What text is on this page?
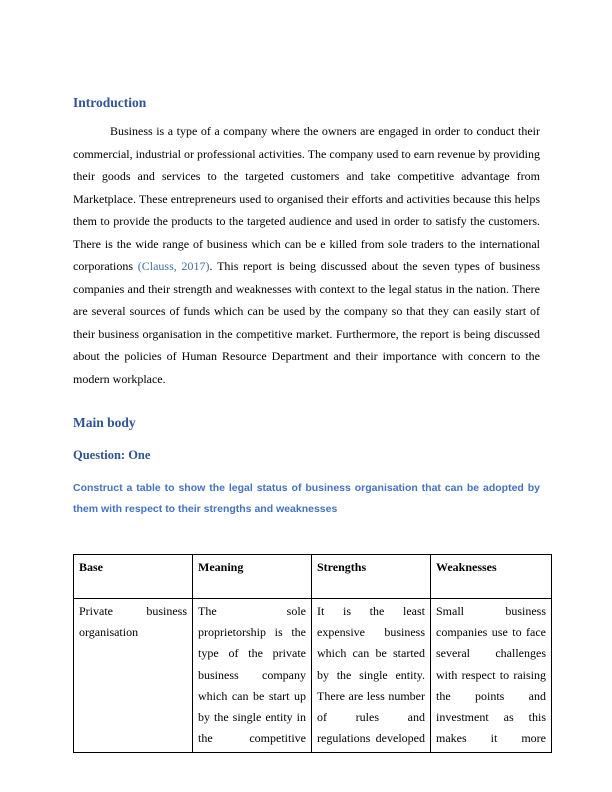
Introduction

Business is a type of a company where the owners are engaged in order to conduct their commercial, industrial or professional activities. The company used to earn revenue by providing their goods and services to the targeted customers and take competitive advantage from Marketplace. These entrepreneurs used to organised their efforts and activities because this helps them to provide the products to the targeted audience and used in order to satisfy the customers. There is the wide range of business which can be e killed from sole traders to the international corporations (Clauss, 2017). This report is being discussed about the seven types of business companies and their strength and weaknesses with context to the legal status in the nation. There are several sources of funds which can be used by the company so that they can easily start of their business organisation in the competitive market. Furthermore, the report is being discussed about the policies of Human Resource Department and their importance with concern to the modern workplace.

Main body
Question: One

Construct a table to show the legal status of business organisation that can be adopted by them with respect to their strengths and weaknesses

Base	Meaning	Strengths	Weaknesses

Private business organisation	The sole proprietorship is the type of the private business company which can be start up by the single entity in the competitive	It is the least expensive business which can be started by the single entity. There are less number of rules and regulations developed	Small business companies use to face several challenges with respect to raising the points and investment as this makes it more
